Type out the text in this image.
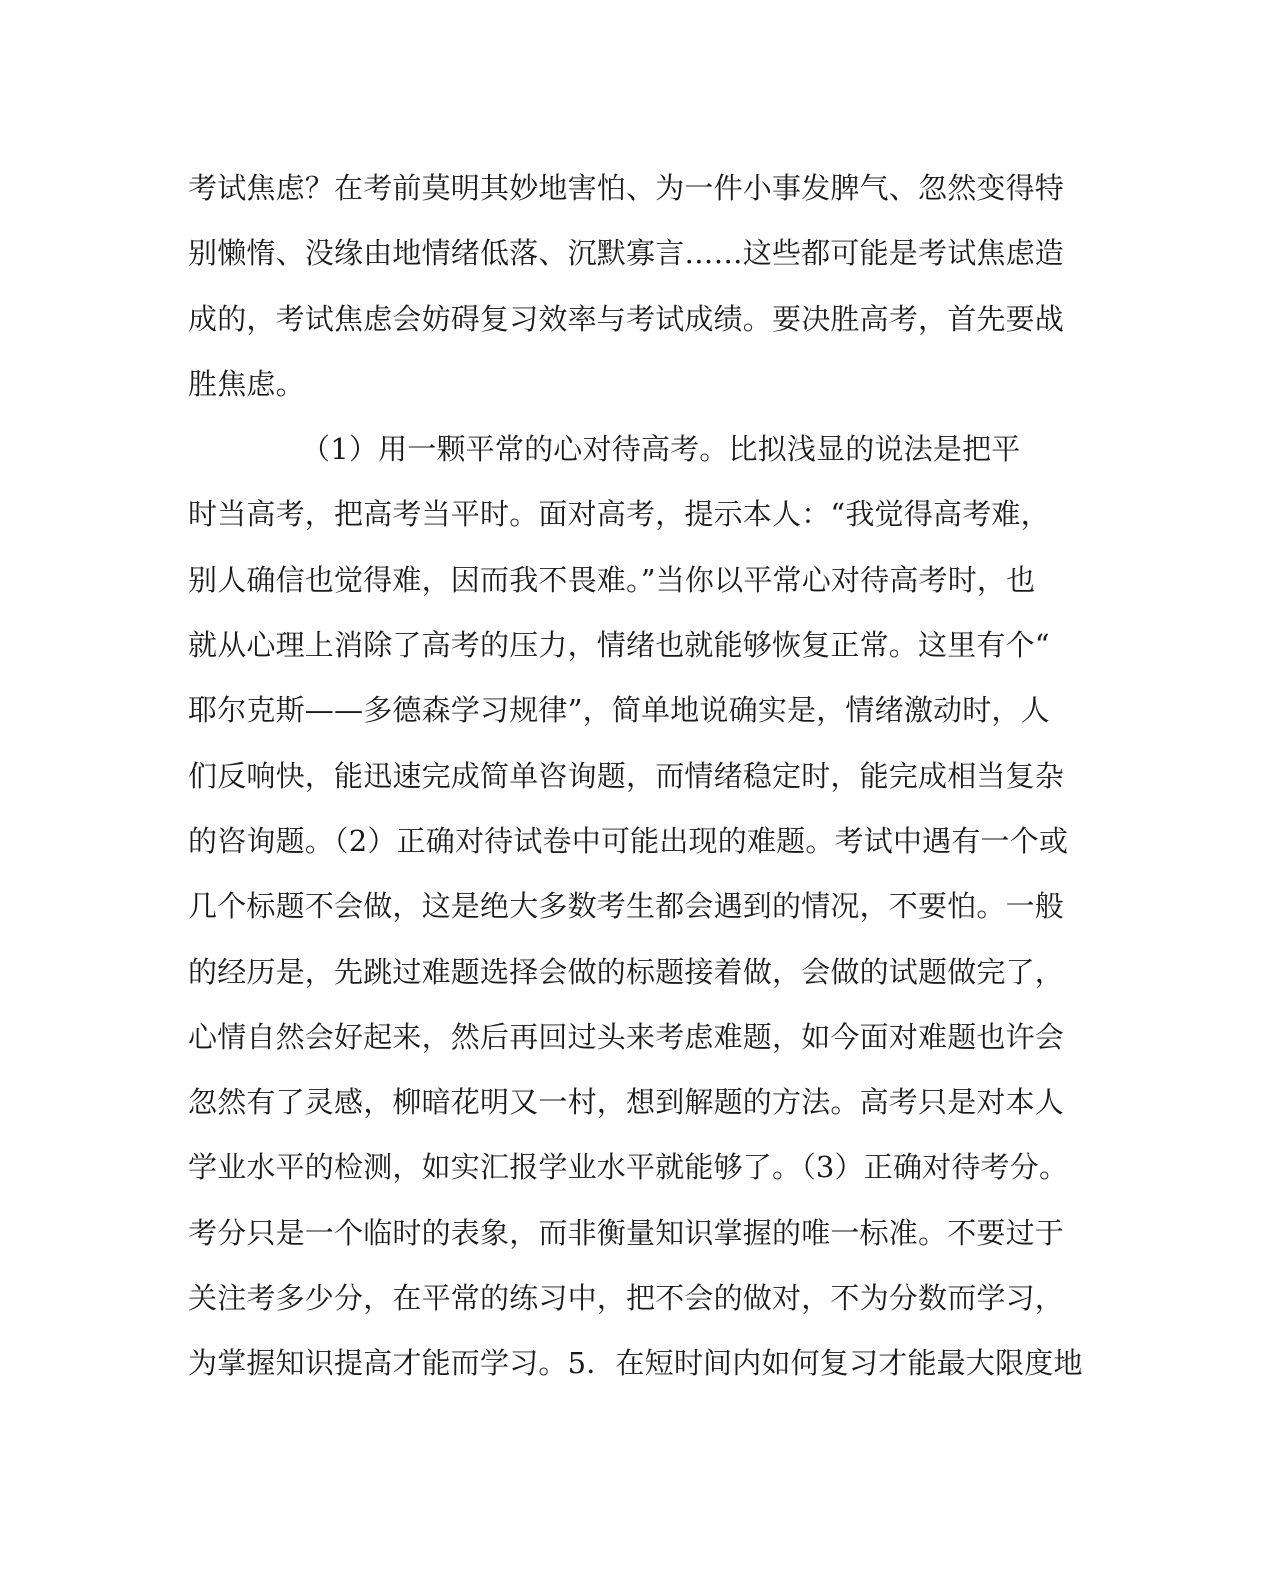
考试焦虑？在考前莫明其妙地害怕、为一件小事发脾气、忽然变得特
别懒惰、没缘由地情绪低落、沉默寡言……这些都可能是考试焦虑造
成的，考试焦虑会妨碍复习效率与考试成绩。要决胜高考，首先要战
胜焦虑。
（1）用一颗平常的心对待高考。比拟浅显的说法是把平
时当高考，把高考当平时。面对高考，提示本人：“我觉得高考难，
别人确信也觉得难，因而我不畏难。”当你以平常心对待高考时，也
就从心理上消除了高考的压力，情绪也就能够恢复正常。这里有个“
耶尔克斯——多德森学习规律”，简单地说确实是，情绪激动时，人
们反响快，能迅速完成简单咨询题，而情绪稳定时，能完成相当复杂
的咨询题。（2）正确对待试卷中可能出现的难题。考试中遇有一个或
几个标题不会做，这是绝大多数考生都会遇到的情况，不要怕。一般
的经历是，先跳过难题选择会做的标题接着做，会做的试题做完了，
心情自然会好起来，然后再回过头来考虑难题，如今面对难题也许会
忽然有了灵感，柳暗花明又一村，想到解题的方法。高考只是对本人
学业水平的检测，如实汇报学业水平就能够了。（3）正确对待考分。
考分只是一个临时的表象，而非衡量知识掌握的唯一标准。不要过于
关注考多少分，在平常的练习中，把不会的做对，不为分数而学习，
为掌握知识提高才能而学习。5．在短时间内如何复习才能最大限度地
